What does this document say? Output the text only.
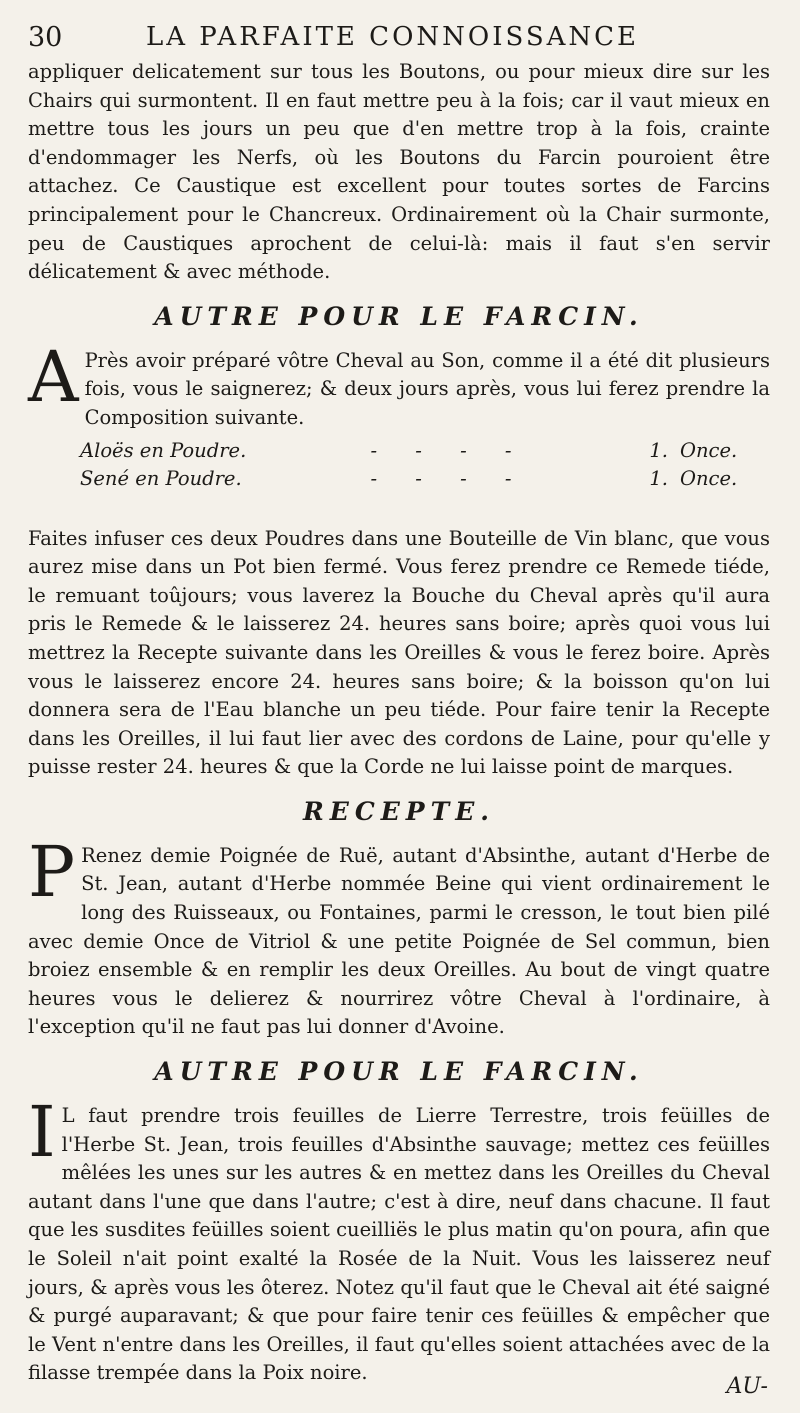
30	LA PARFAITE CONNOISSANCE

appliquer delicatement sur tous les Boutons, ou pour mieux dire sur les Chairs qui surmontent. Il en faut mettre peu à la fois; car il vaut mieux en mettre tous les jours un peu que d'en mettre trop à la fois, crainte d'endommager les Nerfs, où les Boutons du Farcin pouroient être attachez. Ce Caustique est excellent pour toutes sortes de Farcins principalement pour le Chancreux. Ordinairement où la Chair surmonte, peu de Caustiques aprochent de celui-là: mais il faut s'en servir délicatement & avec méthode.

AUTRE POUR LE FARCIN.
A Près avoir préparé vôtre Cheval au Son, comme il a été dit plusieurs fois, vous le saignerez; & deux jours après, vous lui ferez prendre la Composition suivante.

Aloës en Poudre.	- - - -	1. Once.
Sené en Poudre.	- - - -	1. Once.

Faites infuser ces deux Poudres dans une Bouteille de Vin blanc, que vous aurez mise dans un Pot bien fermé. Vous ferez prendre ce Remede tiéde, le remuant toûjours; vous laverez la Bouche du Cheval après qu'il aura pris le Remede & le laisserez 24. heures sans boire; après quoi vous lui mettrez la Recepte suivante dans les Oreilles & vous le ferez boire. Après vous le laisserez encore 24. heures sans boire; & la boisson qu'on lui donnera sera de l'Eau blanche un peu tiéde. Pour faire tenir la Recepte dans les Oreilles, il lui faut lier avec des cordons de Laine, pour qu'elle y puisse rester 24. heures & que la Corde ne lui laisse point de marques.

RECEPTE.
P Renez demie Poignée de Ruë, autant d'Absinthe, autant d'Herbe de St. Jean, autant d'Herbe nommée Beine qui vient ordinairement le long des Ruisseaux, ou Fontaines, parmi le cresson, le tout bien pilé avec demie Once de Vitriol & une petite Poignée de Sel commun, bien broiez ensemble & en remplir les deux Oreilles. Au bout de vingt quatre heures vous le delierez & nourrirez vôtre Cheval à l'ordinaire, à l'exception qu'il ne faut pas lui donner d'Avoine.

AUTRE POUR LE FARCIN.
I L faut prendre trois feuilles de Lierre Terrestre, trois feüilles de l'Herbe St. Jean, trois feuilles d'Absinthe sauvage; mettez ces feüilles mêlées les unes sur les autres & en mettez dans les Oreilles du Cheval autant dans l'une que dans l'autre; c'est à dire, neuf dans chacune. Il faut que les susdites feüilles soient cueilliës le plus matin qu'on poura, afin que le Soleil n'ait point exalté la Rosée de la Nuit. Vous les laisserez neuf jours, & après vous les ôterez. Notez qu'il faut que le Cheval ait été saigné & purgé auparavant; & que pour faire tenir ces feüilles & empêcher que le Vent n'entre dans les Oreilles, il faut qu'elles soient attachées avec de la filasse trempée dans la Poix noire.

AU-
